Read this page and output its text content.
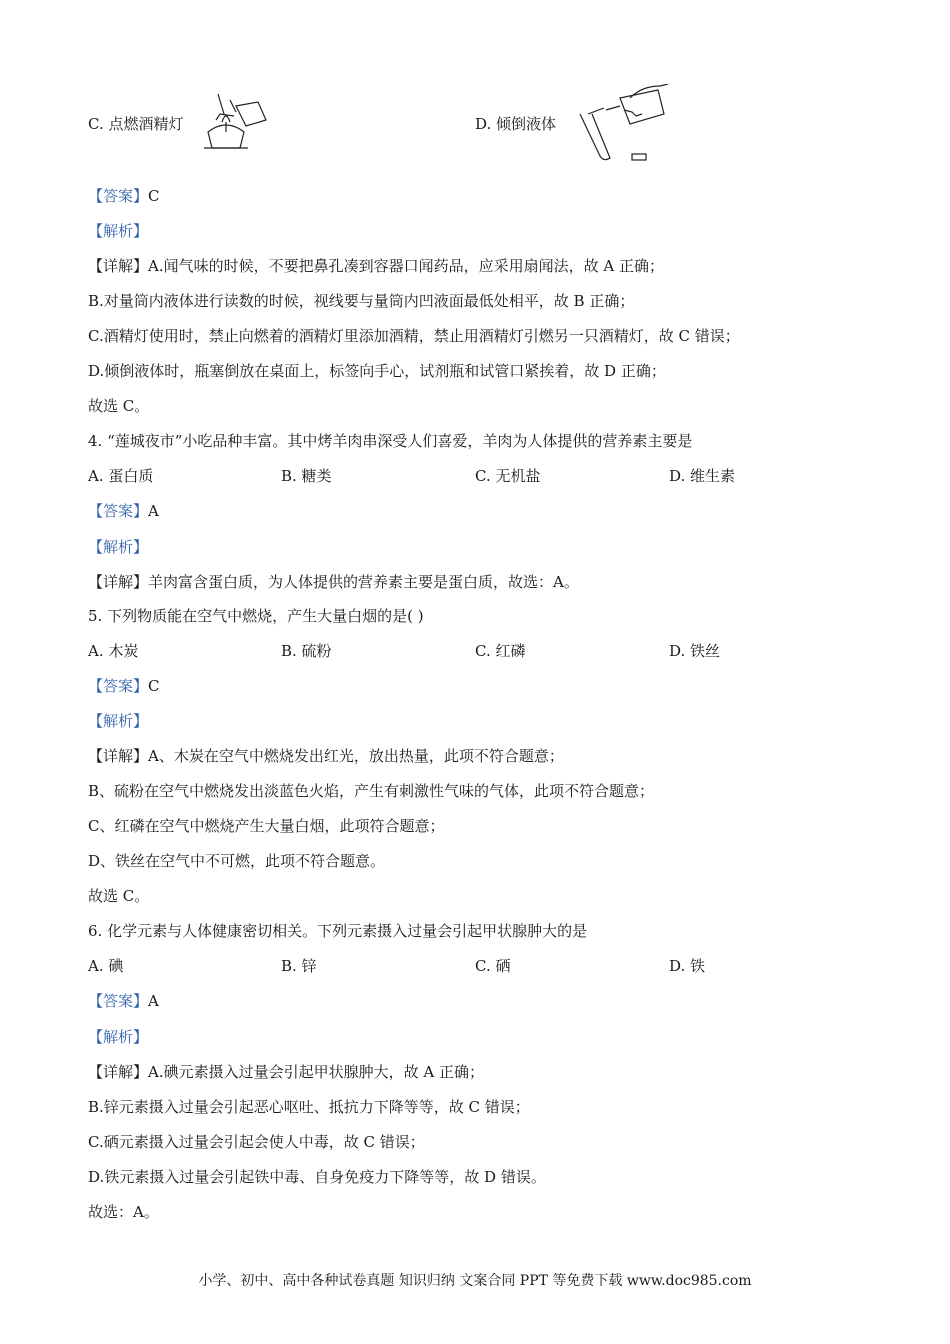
C. 点燃酒精灯	D. 倾倒液体
【答案】C
【解析】
【详解】A.闻气味的时候，不要把鼻孔凑到容器口闻药品，应采用扇闻法，故 A 正确；
B.对量筒内液体进行读数的时候，视线要与量筒内凹液面最低处相平，故 B 正确；
C.酒精灯使用时，禁止向燃着的酒精灯里添加酒精，禁止用酒精灯引燃另一只酒精灯，故 C 错误；
D.倾倒液体时，瓶塞倒放在桌面上，标签向手心，试剂瓶和试管口紧挨着，故 D 正确；
故选 C。
4. “莲城夜市”小吃品种丰富。其中烤羊肉串深受人们喜爱，羊肉为人体提供的营养素主要是
A. 蛋白质	B. 糖类	C. 无机盐	D. 维生素
【答案】A
【解析】
【详解】羊肉富含蛋白质，为人体提供的营养素主要是蛋白质，故选：A。
5. 下列物质能在空气中燃烧，产生大量白烟的是( )
A. 木炭	B. 硫粉	C. 红磷	D. 铁丝
【答案】C
【解析】
【详解】A、木炭在空气中燃烧发出红光，放出热量，此项不符合题意；
B、硫粉在空气中燃烧发出淡蓝色火焰，产生有刺激性气味的气体，此项不符合题意；
C、红磷在空气中燃烧产生大量白烟，此项符合题意；
D、铁丝在空气中不可燃，此项不符合题意。
故选 C。
6. 化学元素与人体健康密切相关。下列元素摄入过量会引起甲状腺肿大的是
A. 碘	B. 锌	C. 硒	D. 铁
【答案】A
【解析】
【详解】A.碘元素摄入过量会引起甲状腺肿大，故 A 正确；
B.锌元素摄入过量会引起恶心呕吐、抵抗力下降等等，故 C 错误；
C.硒元素摄入过量会引起会使人中毒，故 C 错误；
D.铁元素摄入过量会引起铁中毒、自身免疫力下降等等，故 D 错误。
故选：A。
小学、初中、高中各种试卷真题 知识归纳 文案合同 PPT 等免费下载 www.doc985.com
